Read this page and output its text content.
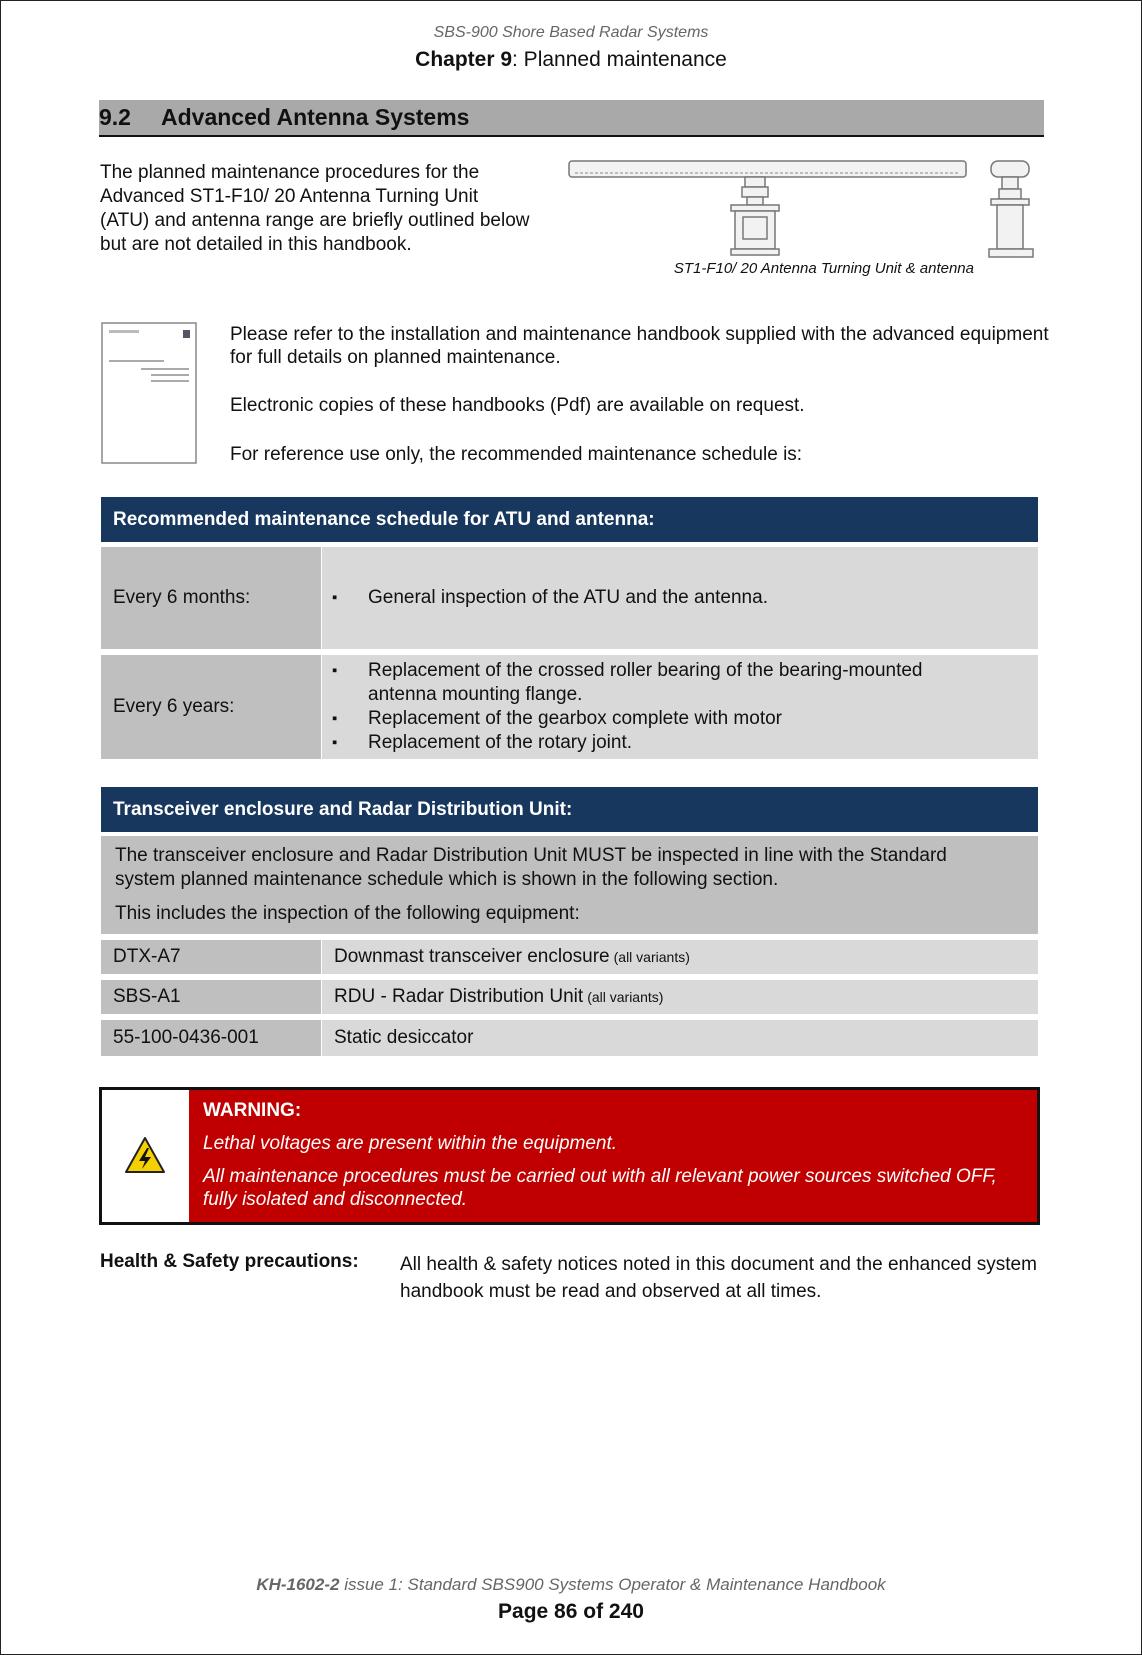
SBS-900 Shore Based Radar Systems
Chapter 9: Planned maintenance
9.2 Advanced Antenna Systems
The planned maintenance procedures for the Advanced ST1-F10/ 20 Antenna Turning Unit (ATU) and antenna range are briefly outlined below but are not detailed in this handbook.
ST1-F10/ 20 Antenna Turning Unit & antenna
Please refer to the installation and maintenance handbook supplied with the advanced equipment for full details on planned maintenance.
Electronic copies of these handbooks (Pdf) are available on request.
For reference use only, the recommended maintenance schedule is:
Recommended maintenance schedule for ATU and antenna:
Every 6 months:
▪	General inspection of the ATU and the antenna.
Every 6 years:
▪ Replacement of the crossed roller bearing of the bearing-mounted antenna mounting flange.
▪ Replacement of the gearbox complete with motor
▪ Replacement of the rotary joint.
Transceiver enclosure and Radar Distribution Unit:

The transceiver enclosure and Radar Distribution Unit MUST be inspected in line with the Standard system planned maintenance schedule which is shown in the following section.

This includes the inspection of the following equipment:

DTX-A7	Downmast transceiver enclosure (all variants)
SBS-A1	RDU - Radar Distribution Unit (all variants)
55-100-0436-001	Static desiccator
WARNING:

Lethal voltages are present within the equipment.

All maintenance procedures must be carried out with all relevant power sources switched OFF, fully isolated and disconnected.

Health & Safety precautions: All health & safety notices noted in this document and the enhanced system handbook must be read and observed at all times.
KH-1602-2 issue 1: Standard SBS900 Systems Operator & Maintenance Handbook
Page 86 of 240
